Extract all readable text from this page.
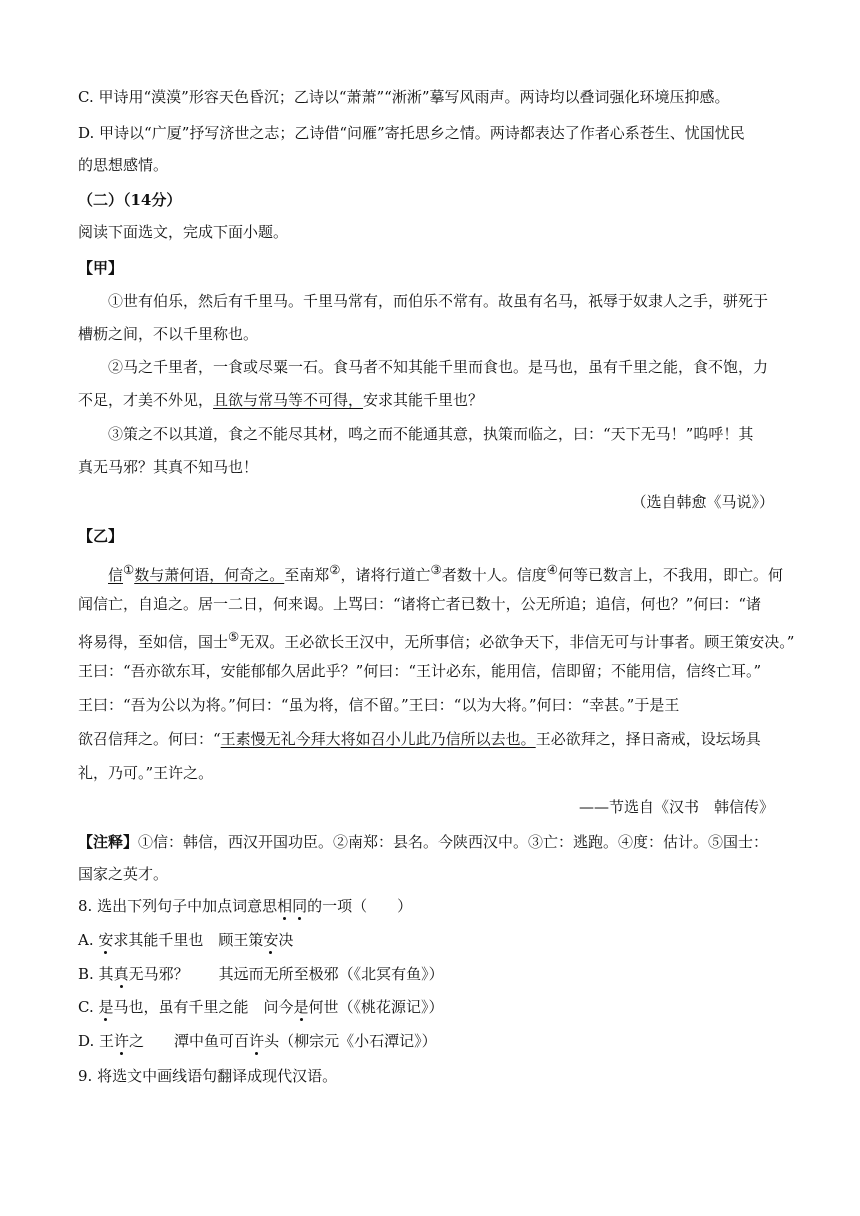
C. 甲诗用“漠漠”形容天色昏沉；乙诗以“萧萧”“淅淅”摹写风雨声。两诗均以叠词强化环境压抑感。
D. 甲诗以“广厦”抒写济世之志；乙诗借“问雁”寄托思乡之情。两诗都表达了作者心系苍生、忧国忧民
的思想感情。
（二）（14分）
阅读下面选文，完成下面小题。
【甲】
①世有伯乐，然后有千里马。千里马常有，而伯乐不常有。故虽有名马，祇辱于奴隶人之手，骈死于
槽枥之间，不以千里称也。
②马之千里者，一食或尽粟一石。食马者不知其能千里而食也。是马也，虽有千里之能，食不饱，力
不足，才美不外见，且欲与常马等不可得，安求其能千里也？
③策之不以其道，食之不能尽其材，鸣之而不能通其意，执策而临之，曰：“天下无马！”呜呼！其
真无马邪？其真不知马也！
（选自韩愈《马说》）
【乙】
信①数与萧何语，何奇之。至南郑②，诸将行道亡③者数十人。信度④何等已数言上，不我用，即亡。何
闻信亡，自追之。居一二日，何来谒。上骂曰：“诸将亡者已数十，公无所追；追信，何也？”何曰：“诸
将易得，至如信，国士⑤无双。王必欲长王汉中，无所事信；必欲争天下，非信无可与计事者。顾王策安决。”
王曰：“吾亦欲东耳，安能郁郁久居此乎？”何曰：“王计必东，能用信，信即留；不能用信，信终亡耳。”
王曰：“吾为公以为将。”何曰：“虽为将，信不留。”王曰：“以为大将。”何曰：“幸甚。”于是王
欲召信拜之。何曰：“王素慢无礼今拜大将如召小儿此乃信所以去也。王必欲拜之，择日斋戒，设坛场具
礼，乃可。”王许之。
——节选自《汉书　韩信传》
【注释】①信：韩信，西汉开国功臣。②南郑：县名。今陕西汉中。③亡：逃跑。④度：估计。⑤国士：
国家之英才。
8. 选出下列句子中加点词意思相同的一项（　　）
A. 安求其能千里也　顾王策安决
B. 其真无马邪？　　其远而无所至极邪（《北冥有鱼》）
C. 是马也，虽有千里之能　问今是何世（《桃花源记》）
D. 王许之　　潭中鱼可百许头（柳宗元《小石潭记》）
9. 将选文中画线语句翻译成现代汉语。
